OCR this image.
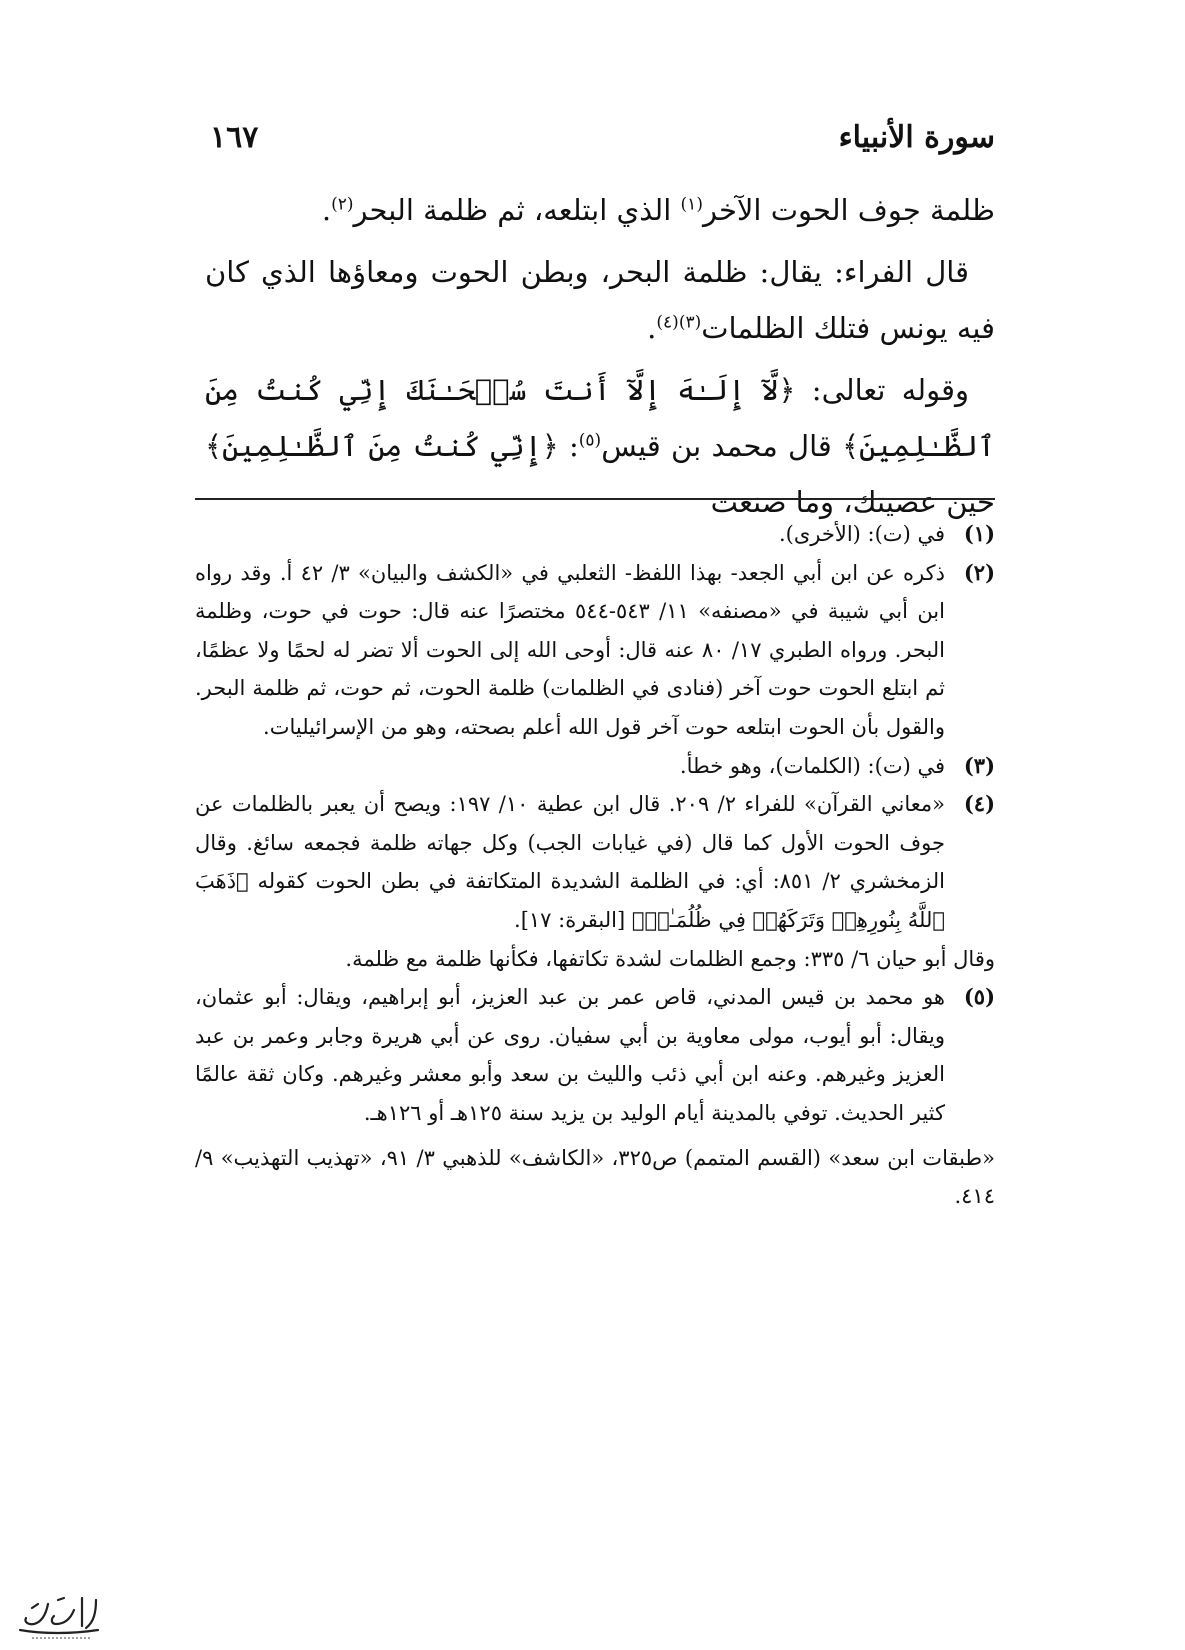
سورة الأنبياء
١٦٧

ظلمة جوف الحوت الآخر$^{(١)}$ الذي ابتلعه، ثم ظلمة البحر$^{(٢)}$.

قال الفراء: يقال: ظلمة البحر، وبطن الحوت ومعاؤها الذي كان فيه يونس فتلك الظلمات$^{(٣)(٤)}$.

وقوله تعالى: ﴿لَّآ إِلَـٰهَ إِلَّآ أَنتَ سُبۡحَـٰنَكَ إِنِّي كُنتُ مِنَ ٱلظَّـٰلِمِينَ﴾ قال محمد بن قيس$^{(٥)}$: ﴿إِنِّي كُنتُ مِنَ ٱلظَّـٰلِمِينَ﴾ حين عصيتك، وما صنعت

(١)

في (ت): (الأخرى).

(٢)

ذكره عن ابن أبي الجعد- بهذا اللفظ- الثعلبي في «الكشف والبيان» ٣/ ٤٢ أ. وقد رواه ابن أبي شيبة في «مصنفه» ١١/ ٥٤٣-٥٤٤ مختصرًا عنه قال: حوت في حوت، وظلمة البحر. ورواه الطبري ١٧/ ٨٠ عنه قال: أوحى الله إلى الحوت ألا تضر له لحمًا ولا عظمًا، ثم ابتلع الحوت حوت آخر (فنادى في الظلمات) ظلمة الحوت، ثم حوت، ثم ظلمة البحر. والقول بأن الحوت ابتلعه حوت آخر قول الله أعلم بصحته، وهو من الإسرائيليات.

(٣)

في (ت): (الكلمات)، وهو خطأ.

(٤)

«معاني القرآن» للفراء ٢/ ٢٠٩. قال ابن عطية ١٠/ ١٩٧: ويصح أن يعبر بالظلمات عن جوف الحوت الأول كما قال (في غيابات الجب) وكل جهاته ظلمة فجمعه سائغ. وقال الزمخشري ٢/ ٨٥١: أي: في الظلمة الشديدة المتكاتفة في بطن الحوت كقوله ﴿ذَهَبَ ٱللَّهُ بِنُورِهِمۡ وَتَرَكَهُمۡ فِي ظُلُمَـٰتٖ﴾ [البقرة: ١٧].

وقال أبو حيان ٦/ ٣٣٥: وجمع الظلمات لشدة تكاتفها، فكأنها ظلمة مع ظلمة.

(٥)

هو محمد بن قيس المدني، قاص عمر بن عبد العزيز، أبو إبراهيم، ويقال: أبو عثمان، ويقال: أبو أيوب، مولى معاوية بن أبي سفيان. روى عن أبي هريرة وجابر وعمر بن عبد العزيز وغيرهم. وعنه ابن أبي ذئب والليث بن سعد وأبو معشر وغيرهم. وكان ثقة عالمًا كثير الحديث. توفي بالمدينة أيام الوليد بن يزيد سنة ١٢٥هـ أو ١٢٦هـ.

«طبقات ابن سعد» (القسم المتمم) ص٣٢٥، «الكاشف» للذهبي ٣/ ٩١، «تهذيب التهذيب» ٩/ ٤١٤.
